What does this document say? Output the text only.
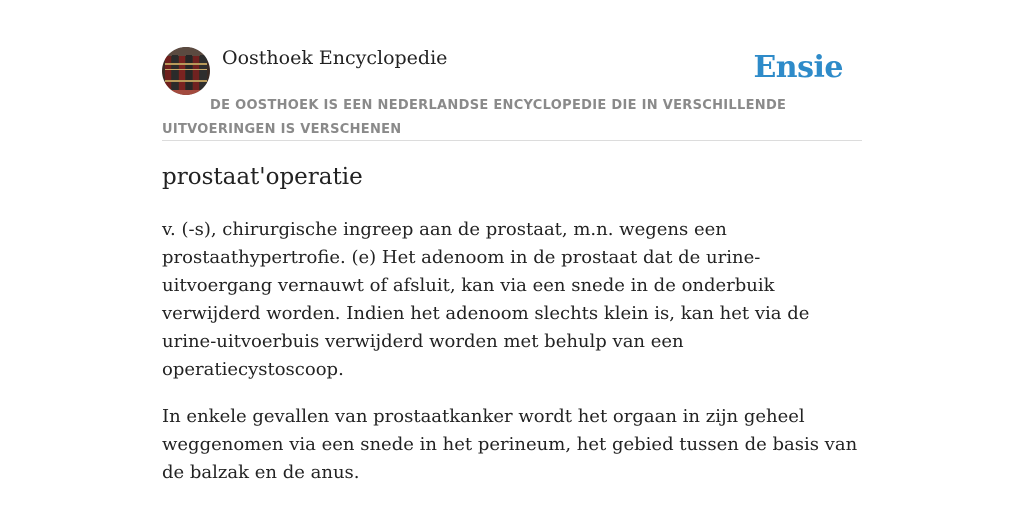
Oosthoek Encyclopedie	Ensie
DE OOSTHOEK IS EEN NEDERLANDSE ENCYCLOPEDIE DIE IN VERSCHILLENDE UITVOERINGEN IS VERSCHENEN
prostaat'operatie

v. (-s), chirurgische ingreep aan de prostaat, m.n. wegens een prostaathypertrofie. (e) Het adenoom in de prostaat dat de urine-uitvoergang vernauwt of afsluit, kan via een snede in de onderbuik verwijderd worden. Indien het adenoom slechts klein is, kan het via de urine-uitvoerbuis verwijderd worden met behulp van een operatiecystoscoop.

In enkele gevallen van prostaatkanker wordt het orgaan in zijn geheel weggenomen via een snede in het perineum, het gebied tussen de basis van de balzak en de anus.
